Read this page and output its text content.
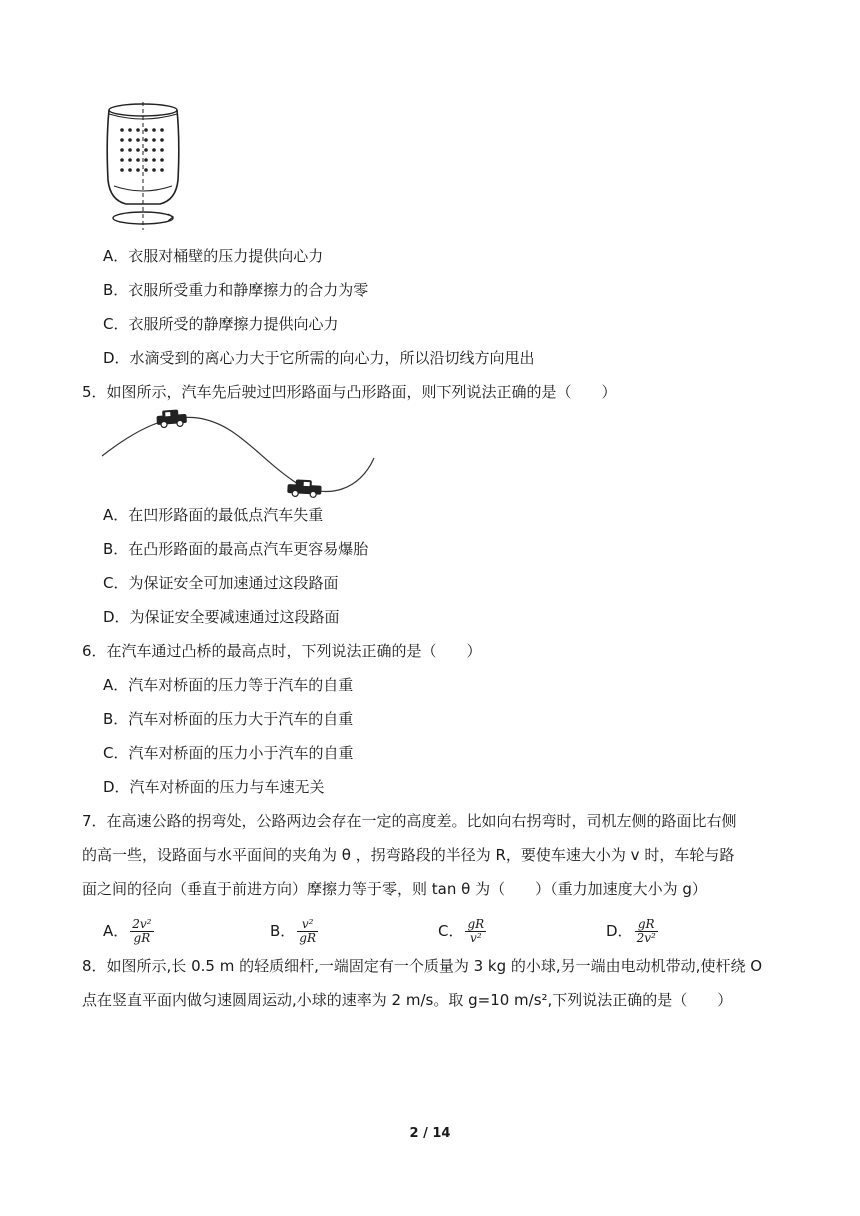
A．衣服对桶壁的压力提供向心力
B．衣服所受重力和静摩擦力的合力为零
C．衣服所受的静摩擦力提供向心力
D．水滴受到的离心力大于它所需的向心力，所以沿切线方向甩出
5．如图所示，汽车先后驶过凹形路面与凸形路面，则下列说法正确的是（　　）
A．在凹形路面的最低点汽车失重
B．在凸形路面的最高点汽车更容易爆胎
C．为保证安全可加速通过这段路面
D．为保证安全要减速通过这段路面
6．在汽车通过凸桥的最高点时，下列说法正确的是（　　）
A．汽车对桥面的压力等于汽车的自重
B．汽车对桥面的压力大于汽车的自重
C．汽车对桥面的压力小于汽车的自重
D．汽车对桥面的压力与车速无关
7．在高速公路的拐弯处，公路两边会存在一定的高度差。比如向右拐弯时，司机左侧的路面比右侧
的高一些，设路面与水平面间的夹角为 θ ，拐弯路段的半径为 R，要使车速大小为 v 时，车轮与路
面之间的径向（垂直于前进方向）摩擦力等于零，则 tan θ 为（　　）（重力加速度大小为 g）
A． $\frac{\text{2v²}}{gR}$	B． $\frac{\text{v²}}{gR}$	C． $\frac{gR}{\text{v²}}$	D． $\frac{gR}{\text{2v²}}$
8．如图所示,长 0.5 m 的轻质细杆,一端固定有一个质量为 3 kg 的小球,另一端由电动机带动,使杆绕 O
点在竖直平面内做匀速圆周运动,小球的速率为 2 m/s。取 g=10 m/s²,下列说法正确的是（　　）
2 / 14
